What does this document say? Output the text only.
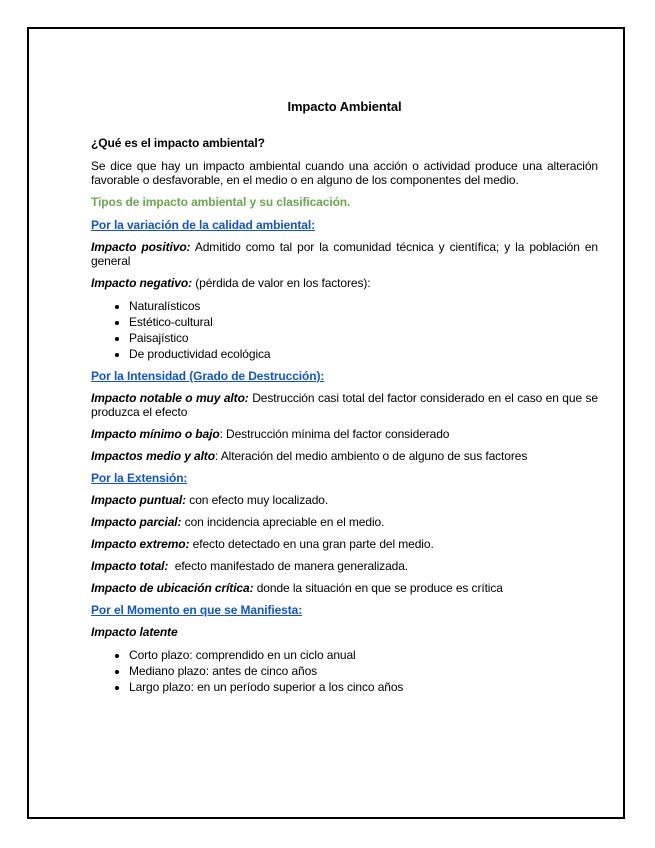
Impacto Ambiental
¿Qué es el impacto ambiental?

Se dice que hay un impacto ambiental cuando una acción o actividad produce una alteración favorable o desfavorable, en el medio o en alguno de los componentes del medio.

Tipos de impacto ambiental y su clasificación.
Por la variación de la calidad ambiental:

Impacto positivo: Admitido como tal por la comunidad técnica y científica; y la población en general

Impacto negativo: (pérdida de valor en los factores):

• Naturalísticos
• Estético-cultural
• Paisajístico
• De productividad ecológica
Por la Intensidad (Grado de Destrucción):

Impacto notable o muy alto: Destrucción casi total del factor considerado en el caso en que se produzca el efecto

Impacto mínimo o bajo: Destrucción mínima del factor considerado

Impactos medio y alto: Alteración del medio ambiento o de alguno de sus factores

Por la Extensión:

Impacto puntual: con efecto muy localizado.

Impacto parcial: con incidencia apreciable en el medio.

Impacto extremo: efecto detectado en una gran parte del medio.

Impacto total:  efecto manifestado de manera generalizada.

Impacto de ubicación crítica: donde la situación en que se produce es crítica

Por el Momento en que se Manifiesta:

Impacto latente

• Corto plazo: comprendido en un ciclo anual
• Mediano plazo: antes de cinco años
• Largo plazo: en un período superior a los cinco años
